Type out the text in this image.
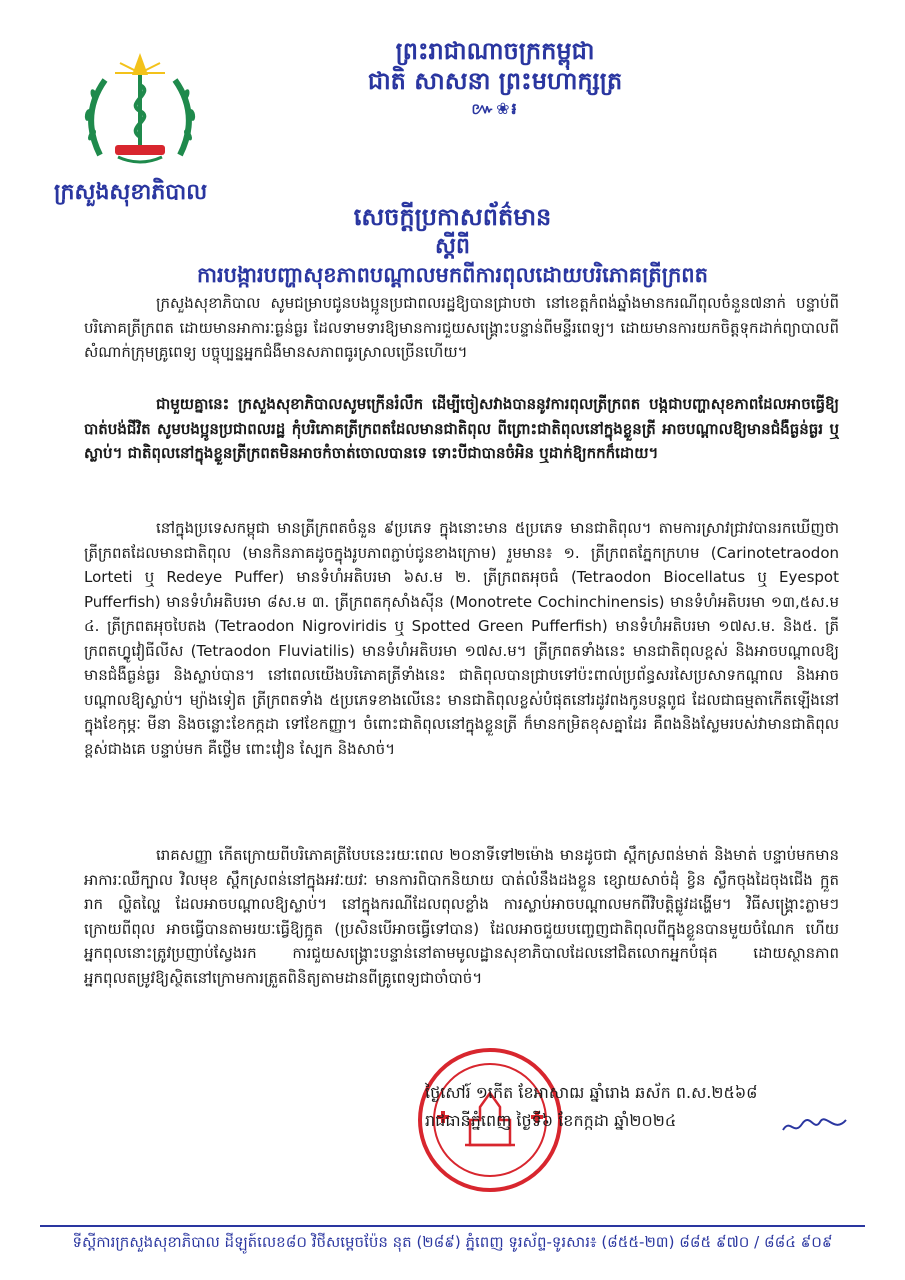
ព្រះរាជាណាចក្រកម្ពុជា
ជាតិ សាសនា ព្រះមហាក្សត្រ
៚❀៛
ក្រសួងសុខាភិបាល
សេចក្ដីប្រកាសព័ត៌មាន
ស្ដីពី
ការបង្ការបញ្ហាសុខភាពបណ្ដាលមកពីការពុលដោយបរិភោគត្រីក្រពត

ក្រសួងសុខាភិបាល សូមជម្រាបជូនបងប្អូនប្រជាពលរដ្ឋឱ្យបានជ្រាបថា នៅខេត្តកំពង់ឆ្នាំងមានករណីពុលចំនួន៧នាក់ បន្ទាប់ពីបរិភោគត្រីក្រពត ដោយមានអាការៈធ្ងន់ធ្ងរ ដែលទាមទារឱ្យមានការជួយសង្គ្រោះបន្ទាន់ពីមន្ទីរពេទ្យ។ ដោយមានការយកចិត្តទុកដាក់ព្យាបាលពីសំណាក់ក្រុមគ្រូពេទ្យ បច្ចុប្បន្នអ្នកជំងឺមានសភាពធូរស្រាលច្រើនហើយ។

ជាមួយគ្នានេះ ក្រសួងសុខាភិបាលសូមក្រើនរំលឹក ដើម្បីចៀសវាងបាននូវការពុលត្រីក្រពត បង្កជាបញ្ហាសុខភាពដែលអាចធ្វើឱ្យបាត់បង់ជីវិត សូមបងប្អូនប្រជាពលរដ្ឋ កុំបរិភោគត្រីក្រពតដែលមានជាតិពុល ពីព្រោះជាតិពុលនៅក្នុងខ្លួនត្រី អាចបណ្តាលឱ្យមានជំងឺធ្ងន់ធ្ងរ ឬស្លាប់។ ជាតិពុលនៅក្នុងខ្លួនត្រីក្រពតមិនអាចកំចាត់ចោលបានទេ ទោះបីជាបានចំអិន ឬដាក់ឱ្យកកក៏ដោយ។

នៅក្នុងប្រទេសកម្ពុជា មានត្រីក្រពតចំនួន ៩ប្រភេទ ក្នុងនោះមាន ៥ប្រភេទ មានជាតិពុល។ តាមការស្រាវជ្រាវបានរកឃើញថា ត្រីក្រពតដែលមានជាតិពុល (មានកិនភាគដូចក្នុងរូបភាពភ្ជាប់ជូនខាងក្រោម) រួមមាន៖ ១. ត្រីក្រពតភ្នែកក្រហម (Carinotetraodon Lorteti ឬ Redeye Puffer) មានទំហំអតិបរមា ៦ស.ម ២. ត្រីក្រពតអុចធំ (Tetraodon Biocellatus ឬ Eyespot Pufferfish) មានទំហំអតិបរមា ៨ស.ម ៣. ត្រីក្រពតកុសាំងស៊ីន (Monotrete Cochinchinensis) មានទំហំអតិបរមា ១៣,៥ស.ម ៤. ត្រីក្រពតអុចបៃតង (Tetraodon Nigroviridis ឬ Spotted Green Pufferfish) មានទំហំអតិបរមា ១៧ស.ម. និង៥. ត្រីក្រពតហ្វ្លូវៀធីលីស (Tetraodon Fluviatilis) មានទំហំអតិបរមា ១៧ស.ម។ ត្រីក្រពតទាំងនេះ មានជាតិពុលខ្ពស់ និងអាចបណ្តាលឱ្យមានជំងឺធ្ងន់ធ្ងរ និងស្លាប់បាន។ នៅពេលយើងបរិភោគត្រីទាំងនេះ ជាតិពុលបានជ្រាបទៅប៉ះពាល់ប្រព័ន្ធសរសៃប្រសាទកណ្តាល និងអាចបណ្តាលឱ្យស្លាប់។ ម្យ៉ាងទៀត ត្រីក្រពតទាំង ៥ប្រភេទខាងលើនេះ មានជាតិពុលខ្លស់បំផុតនៅរដូវពងកូនបន្តពូជ ដែលជាធម្មតាកើតឡើងនៅក្នុងខែកុម្ភៈ មីនា និងចន្លោះខែកក្កដា ទៅខែកញ្ញា។ ចំពោះជាតិពុលនៅក្នុងខ្លួនត្រី ក៏មានកម្រិតខុសគ្នាដែរ គឺពងនិងស្លែមរបស់វាមានជាតិពុលខ្ពស់ជាងគេ បន្ទាប់មក គឺថ្លើម ពោះវៀន ស្បែក និងសាច់។

រោគសញ្ញា កើតក្រោយពីបរិភោគត្រីបែបនេះរយៈពេល ២០នាទីទៅ២ម៉ោង មានដូចជា ស្ពឹកស្រពន់មាត់ និងមាត់ បន្ទាប់មកមានអាការៈឈឺក្បាល វិលមុខ ស្ពឹកស្រពន់នៅក្នុងអវៈយវៈ មានការពិបាកនិយាយ បាត់លំនឹងដងខ្លួន ខ្សោយសាច់ដុំ ខ្វិន ស្លឹកចុងដៃចុងជើង ក្អួត រាក ល្ហិតល្ហៃ ដែលអាចបណ្តាលឱ្យស្លាប់។ នៅក្នុងករណីដែលពុលខ្លាំង ការស្លាប់អាចបណ្តាលមកពីវិបត្តិផ្លូវដង្ហើម។ វិធីសង្គ្រោះភ្លាមៗ ក្រោយពីពុល អាចធ្វើបានតាមរយៈធ្វើឱ្យក្អួត (ប្រសិនបើអាចធ្វើទៅបាន) ដែលអាចជួយបញ្ចេញជាតិពុលពីក្នុងខ្លួនបានមួយចំណែក ហើយអ្នកពុលនោះត្រូវប្រញាប់ស្វែងរក ការជួយសង្គ្រោះបន្ទាន់នៅតាមមូលដ្ឋានសុខាភិបាលដែលនៅជិតលោកអ្នកបំផុត ដោយស្ថានភាពអ្នកពុលតម្រូវឱ្យស្ថិតនៅក្រោមការត្រួតពិនិត្យតាមដានពីគ្រូពេទ្យជាចាំបាច់។

ថ្ងៃសៅរ៍ ១កើត ខែអាសាឍ ឆ្នាំរោង ឆស័ក ព.ស.២៥៦៨
រាជធានីភ្នំពេញ ថ្ងៃទី៦ ខែកក្កដា ឆ្នាំ២០២៤
ទីស្ដីការក្រសួងសុខាភិបាល ដីឡូត៍លេខ៨០ វិថីសម្ដេចប៉ែន នុត (២៨៩) ភ្នំពេញ ទូរស័ព្ទ-ទូរសារ៖ (៨៥៥-២៣) ៨៨៥ ៩៧០ / ៨៨៤ ៩០៩
